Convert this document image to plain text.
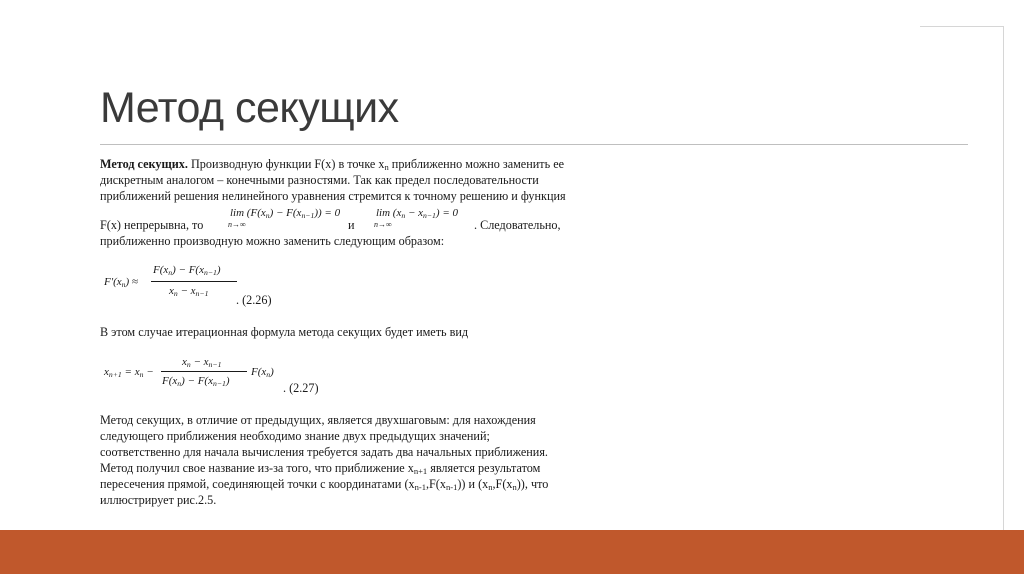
Метод секущих
Метод секущих. Производную функции F(x) в точке $x_n$ приближенно можно заменить ее
дискретным аналогом – конечными разностями. Так как предел последовательности
приближений решения нелинейного уравнения стремится к точному решению и функция
F(x) непрерывна, то
$\lim (F(x_n) - F(x_{n-1})) = 0$
n→∞	и
$\lim (x_n - x_{n-1}) = 0$
n→∞	. Следовательно,
приближенно производную можно заменить следующим образом:
$F'(x_n)$ ≈
$F(x_n) - F(x_{n-1})$
$x_n - x_{n-1}$ . (2.26)
В этом случае итерационная формула метода секущих будет иметь вид
$x_{n+1} = x_n$ −
$x_n - x_{n-1}$
$F(x_n) - F(x_{n-1})$
$F(x_n)$
. (2.27)
Метод секущих, в отличие от предыдущих, является двухшаговым: для нахождения
следующего приближения необходимо знание двух предыдущих значений;
соответственно для начала вычисления требуется задать два начальных приближения.
Метод получил свое название из-за того, что приближение $x_{n+1}$ является результатом
пересечения прямой, соединяющей точки с координатами $(x_{n-1},F(x_{n-1}))$ и $(x_n,F(x_n))$, что
иллюстрирует рис.2.5.
